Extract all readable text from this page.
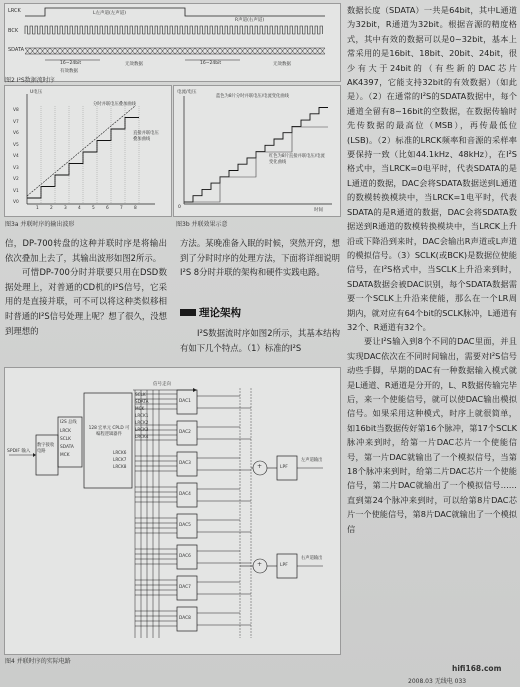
LRCK
BCK
SDATA
L左声道(左声道)
R声道(右声道)
16~24bit	无效数据	16~24bit
有效数据
无效数据
图2 I²S数据流时序
U电压
分时并联电压叠加曲线
直接并联电压叠加曲线
V8
V7
V6
V5
V4
V3
V2
V1
V0
1	2	3	4	5	6	7	8
图3a 并联时序的输出波形
电流/电压
蓝色为8片分时并联电压/电流变化曲线
红色为8片直接并联电压/电流变化曲线
时间
0
图3b 并联效果示意

信，DP-700转盘的这种并联时序是将输出依次叠加上去了，其输出波形如图2所示。

可惜DP-700分时并联要只用在DSD数据处理上，对普通的CD机的I²S信号，它采用的是直接并联，可不可以将这种类似移相时普通的I²S信号处理上呢？想了很久，没想到理想的

方法。某晚准备入眠的时候，突然开窍，想到了分时时序的处理方法，下面将详细说明I²S 8分时并联的架构和硬件实践电路。

理论架构

I²S数据流时序如图2所示，其基本结构有如下几个特点。（1）标准的I²S

数据长度（SDATA）一共是64bit，其中L通道为32bit，R通道为32bit。根据音源的精度格式，其中有效的数据可以是0~32bit，基本上常采用的是16bit、18bit、20bit、24bit，很少有大于24bit的（有些新的DAC芯片AK4397，它能支持32bit的有效数据）（如此是）。（2）在通常的I²S的SDATA数据中，每个通道全留有8~16bit的空数据，在数据传输时先传数据的最高位（MSB），再传最低位(LSB)。（2）标准的LRCK频率和音源的采样率要保持一致（比如44.1kHz、48kHz），在I²S格式中，当LRCK=0电平时，代表SDATA的是L通道的数据，DAC会将SDATA数据送到L通道的数模转换模块中，当LRCK=1电平时，代表SDATA的是R通道的数据，DAC会将SDATA数据送到R通道的数模转换模块中，当LRCK上升沿或下降沿到来时，DAC会输出R声道或L声道的模拟信号。（3）SCLK(或BCK)是数据位使能信号，在I²S格式中，当SCLK上升沿来到时，SDATA数据会被DAC识别，每个SDATA数据需要一个SCLK上升沿来使能，那么在一个LR周期内，就对应有64个bit的SCLK脉冲，L通道有32个、R通道有32个。

要让I²S输入到8个不同的DAC里面，并且实现DAC依次在不同时间输出，需要对I²S信号动些手脚，早期的DAC有一种数据输入模式就是L通道、R通道是分开的，L、R数据传输完毕后，来一个使能信号，就可以使DAC输出模拟信号。如果采用这种模式，时序上就很简单，如16bit当数据传好第16个脉冲，第17个SCLK脉冲来到时，给第一片DAC芯片一个使能信号，第一片DAC就输出了一个模拟信号，当第18个脉冲来到时，给第二片DAC芯片一个使能信号，第二片DAC就输出了一个模拟信号……直到第24个脉冲来到时，可以给第8片DAC芯片一个使能信号，第8片DAC就输出了一个模拟信

SPDIF 输入
数字接收电路
I2S 总线
LRCK
SCLK
SDATA
MCK
128 宏单元 CPLD 可编程逻辑器件
信号走向
SCLK
SDATA
MCK
LRCK1
LRCK2
LRCK3
LRCK4
LRCK6
LRCK7
LRCK8
DAC1
DAC2
DAC3
DAC4
DAC5
DAC6
DAC7
DAC8
LPF
LPF
+
+
左声道输出
右声道输出
图4 并联时序的实际电路
hifi168.com
2008.03 无线电 033
